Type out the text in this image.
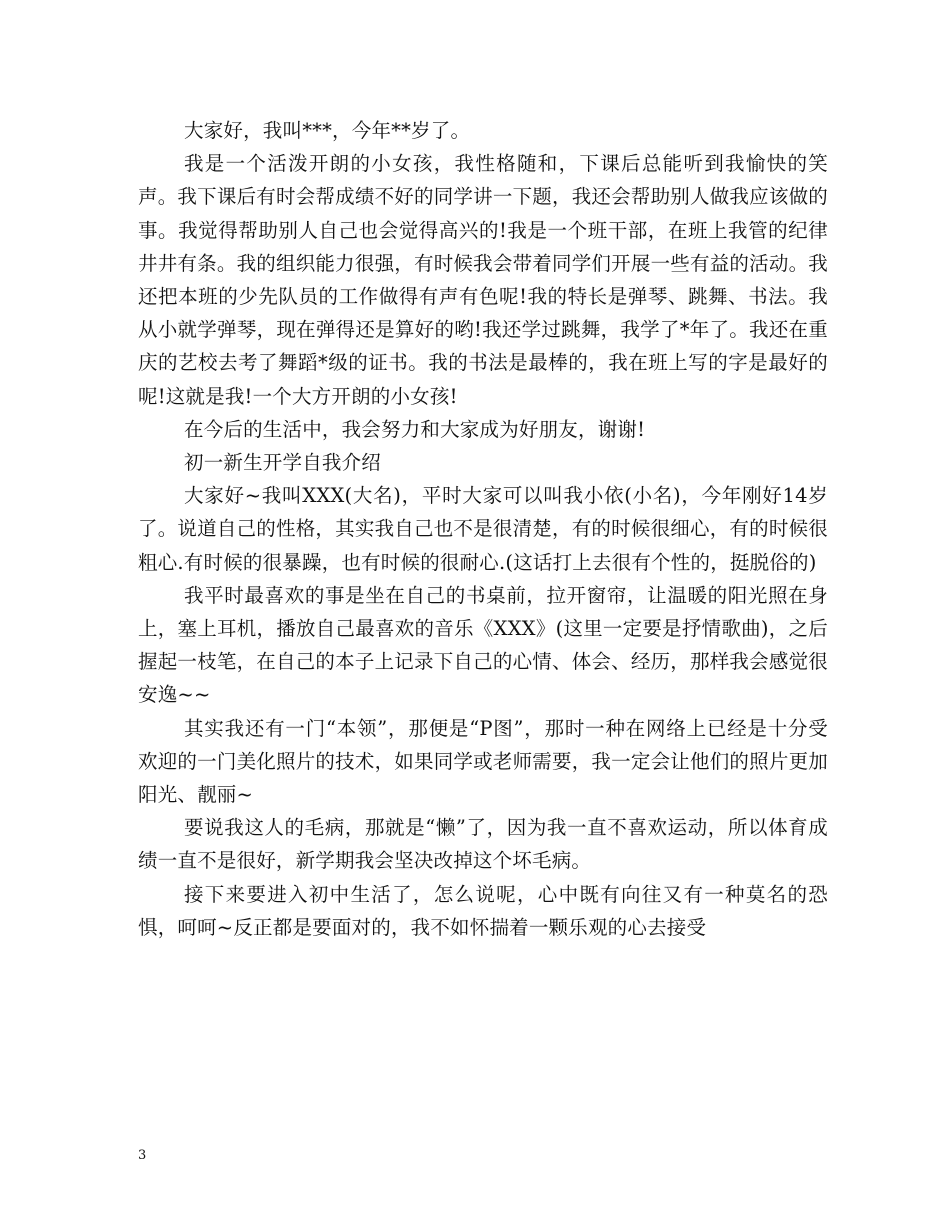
大家好，我叫***，今年**岁了。

我是一个活泼开朗的小女孩，我性格随和，下课后总能听到我愉快的笑声。我下课后有时会帮成绩不好的同学讲一下题，我还会帮助别人做我应该做的事。我觉得帮助别人自己也会觉得高兴的!我是一个班干部，在班上我管的纪律井井有条。我的组织能力很强，有时候我会带着同学们开展一些有益的活动。我还把本班的少先队员的工作做得有声有色呢!我的特长是弹琴、跳舞、书法。我从小就学弹琴，现在弹得还是算好的哟!我还学过跳舞，我学了*年了。我还在重庆的艺校去考了舞蹈*级的证书。我的书法是最棒的，我在班上写的字是最好的呢!这就是我!一个大方开朗的小女孩!

在今后的生活中，我会努力和大家成为好朋友，谢谢!

初一新生开学自我介绍

大家好~我叫XXX(大名)，平时大家可以叫我小依(小名)，今年刚好14岁了。说道自己的性格，其实我自己也不是很清楚，有的时候很细心，有的时候很粗心.有时候的很暴躁，也有时候的很耐心.(这话打上去很有个性的，挺脱俗的)

我平时最喜欢的事是坐在自己的书桌前，拉开窗帘，让温暖的阳光照在身上，塞上耳机，播放自己最喜欢的音乐《XXX》(这里一定要是抒情歌曲)，之后握起一枝笔，在自己的本子上记录下自己的心情、体会、经历，那样我会感觉很安逸~~

其实我还有一门“本领”，那便是“P图”，那时一种在网络上已经是十分受欢迎的一门美化照片的技术，如果同学或老师需要，我一定会让他们的照片更加阳光、靓丽~

要说我这人的毛病，那就是“懒”了，因为我一直不喜欢运动，所以体育成绩一直不是很好，新学期我会坚决改掉这个坏毛病。

接下来要进入初中生活了，怎么说呢，心中既有向往又有一种莫名的恐惧，呵呵~反正都是要面对的，我不如怀揣着一颗乐观的心去接受

3
